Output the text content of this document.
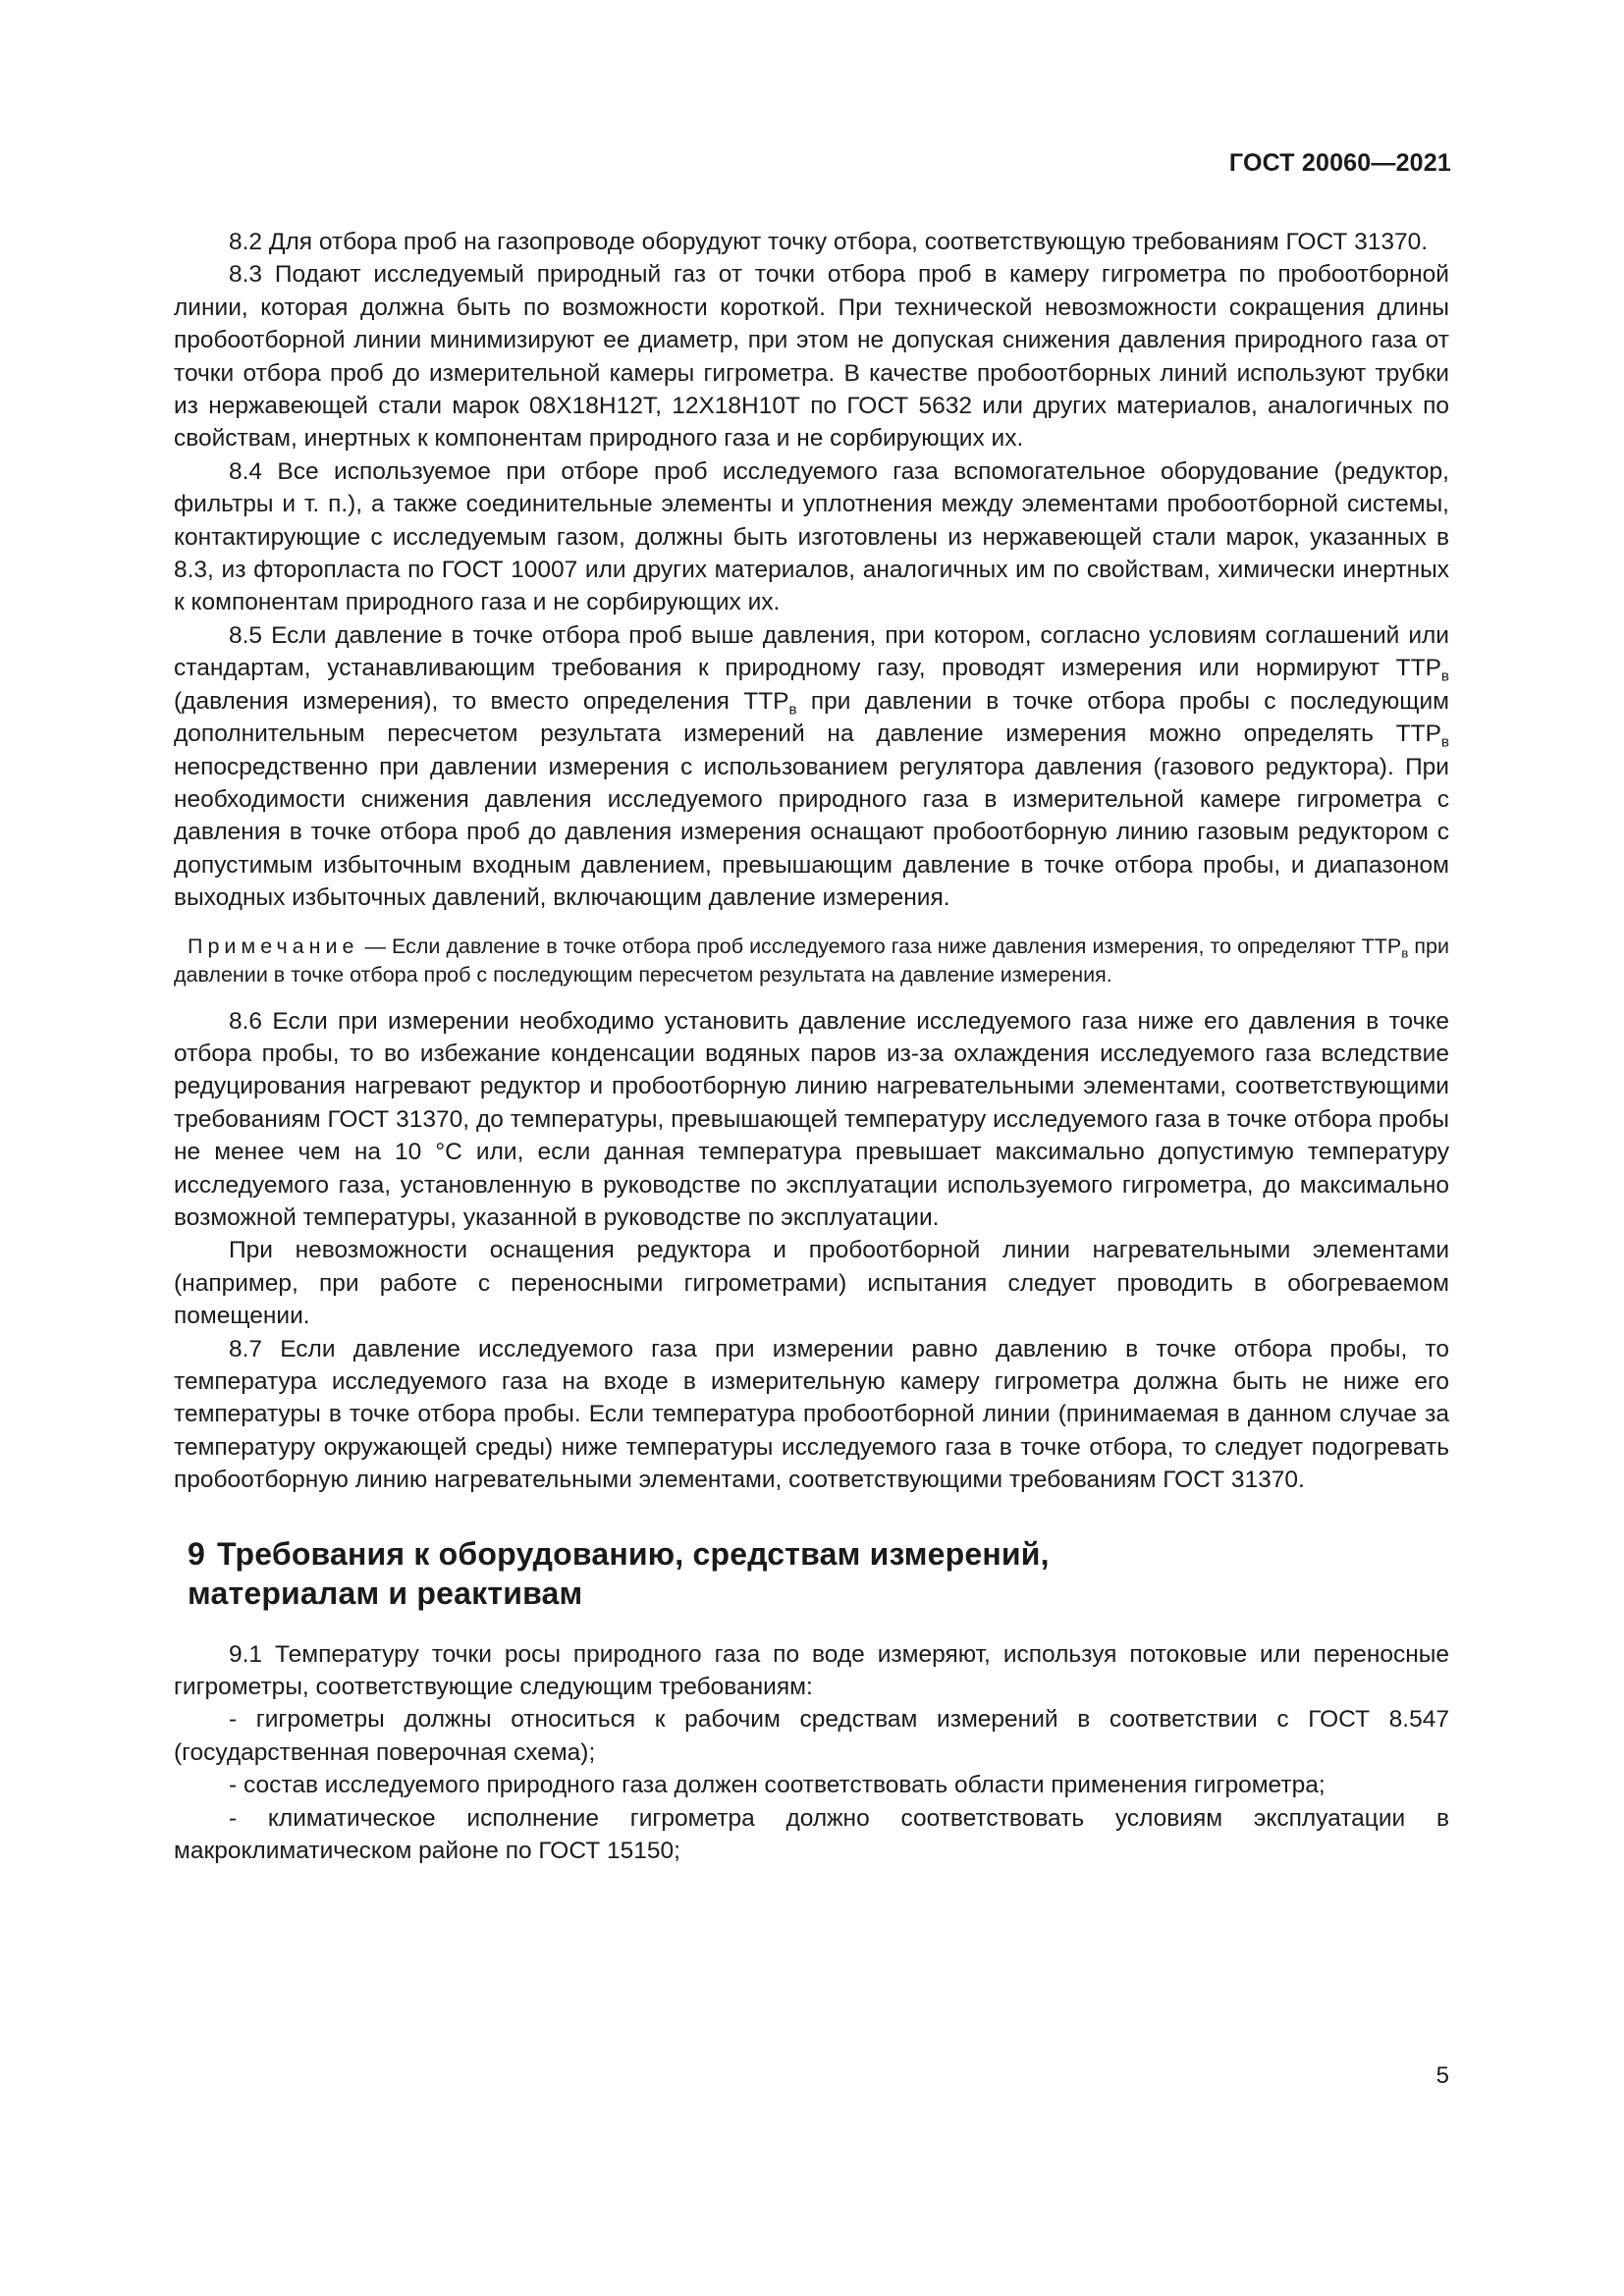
ГОСТ 20060—2021

8.2 Для отбора проб на газопроводе оборудуют точку отбора, соответствующую требованиям ГОСТ 31370.

8.3 Подают исследуемый природный газ от точки отбора проб в камеру гигрометра по пробоотборной линии, которая должна быть по возможности короткой. При технической невозможности сокращения длины пробоотборной линии минимизируют ее диаметр, при этом не допуская снижения давления природного газа от точки отбора проб до измерительной камеры гигрометра. В качестве пробоотборных линий используют трубки из нержавеющей стали марок 08Х18Н12Т, 12Х18Н10Т по ГОСТ 5632 или других материалов, аналогичных по свойствам, инертных к компонентам природного газа и не сорбирующих их.

8.4 Все используемое при отборе проб исследуемого газа вспомогательное оборудование (редуктор, фильтры и т. п.), а также соединительные элементы и уплотнения между элементами пробоотборной системы, контактирующие с исследуемым газом, должны быть изготовлены из нержавеющей стали марок, указанных в 8.3, из фторопласта по ГОСТ 10007 или других материалов, аналогичных им по свойствам, химически инертных к компонентам природного газа и не сорбирующих их.

8.5 Если давление в точке отбора проб выше давления, при котором, согласно условиям соглашений или стандартам, устанавливающим требования к природному газу, проводят измерения или нормируют $ТТР_в$ (давления измерения), то вместо определения $ТТР_в$ при давлении в точке отбора пробы с последующим дополнительным пересчетом результата измерений на давление измерения можно определять $ТТР_в$ непосредственно при давлении измерения с использованием регулятора давления (газового редуктора). При необходимости снижения давления исследуемого природного газа в измерительной камере гигрометра с давления в точке отбора проб до давления измерения оснащают пробоотборную линию газовым редуктором с допустимым избыточным входным давлением, превышающим давление в точке отбора пробы, и диапазоном выходных избыточных давлений, включающим давление измерения.

Примечание — Если давление в точке отбора проб исследуемого газа ниже давления измерения, то определяют $ТТР_в$ при давлении в точке отбора проб с последующим пересчетом результата на давление измерения.

8.6 Если при измерении необходимо установить давление исследуемого газа ниже его давления в точке отбора пробы, то во избежание конденсации водяных паров из-за охлаждения исследуемого газа вследствие редуцирования нагревают редуктор и пробоотборную линию нагревательными элементами, соответствующими требованиям ГОСТ 31370, до температуры, превышающей температуру исследуемого газа в точке отбора пробы не менее чем на 10 °С или, если данная температура превышает максимально допустимую температуру исследуемого газа, установленную в руководстве по эксплуатации используемого гигрометра, до максимально возможной температуры, указанной в руководстве по эксплуатации.

При невозможности оснащения редуктора и пробоотборной линии нагревательными элементами (например, при работе с переносными гигрометрами) испытания следует проводить в обогреваемом помещении.

8.7 Если давление исследуемого газа при измерении равно давлению в точке отбора пробы, то температура исследуемого газа на входе в измерительную камеру гигрометра должна быть не ниже его температуры в точке отбора пробы. Если температура пробоотборной линии (принимаемая в данном случае за температуру окружающей среды) ниже температуры исследуемого газа в точке отбора, то следует подогревать пробоотборную линию нагревательными элементами, соответствующими требованиям ГОСТ 31370.

9 Требования к оборудованию, средствам измерений,
материалам и реактивам

9.1 Температуру точки росы природного газа по воде измеряют, используя потоковые или переносные гигрометры, соответствующие следующим требованиям:

- гигрометры должны относиться к рабочим средствам измерений в соответствии с ГОСТ 8.547 (государственная поверочная схема);

- состав исследуемого природного газа должен соответствовать области применения гигрометра;

- климатическое исполнение гигрометра должно соответствовать условиям эксплуатации в макроклиматическом районе по ГОСТ 15150;

5
